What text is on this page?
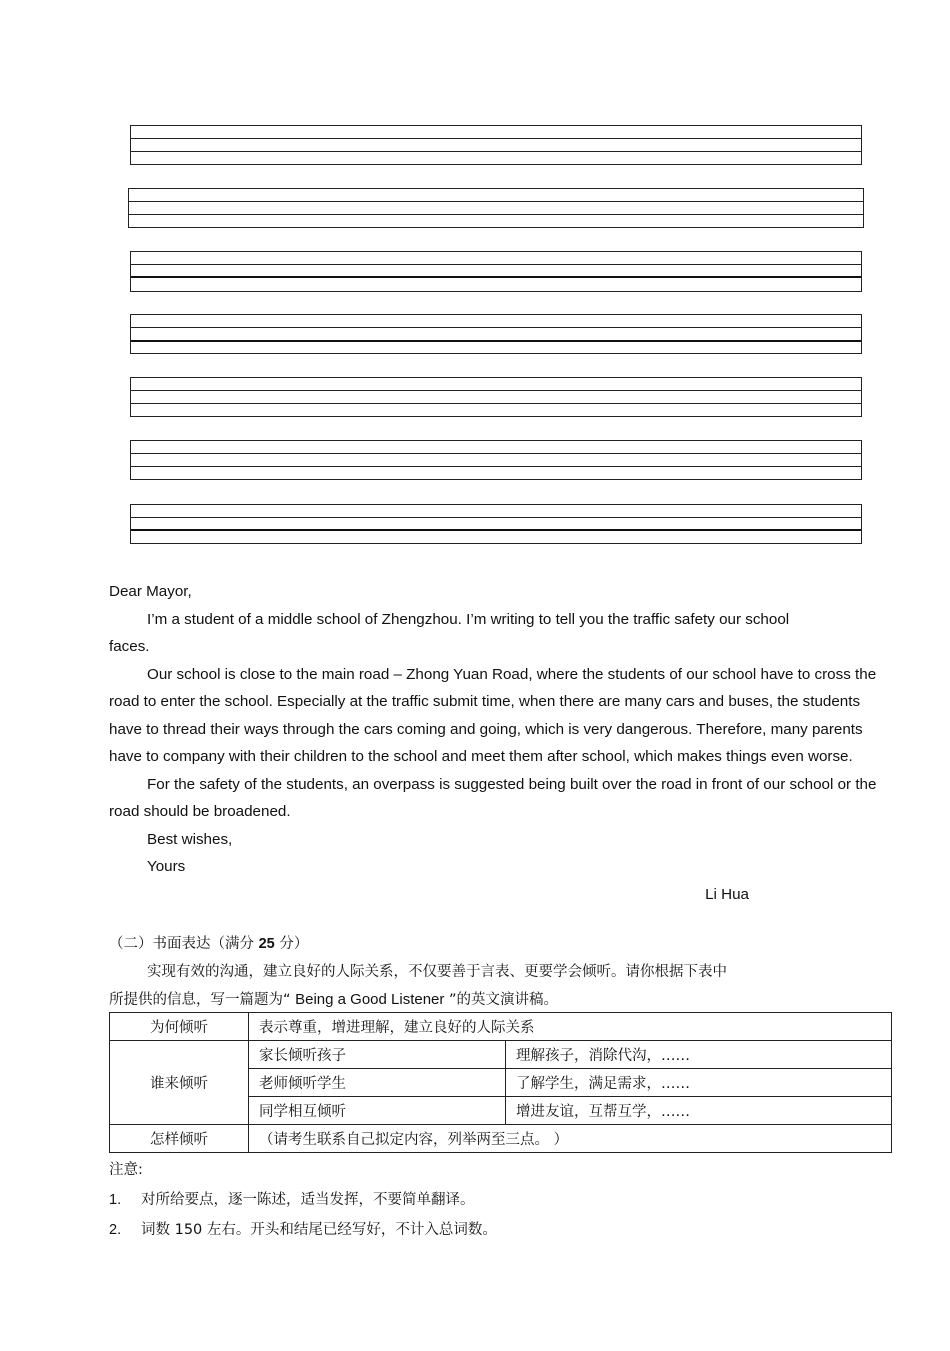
Dear Mayor,

I’m a student of a middle school of Zhengzhou. I’m writing to tell you the traffic safety our school

faces.

Our school is close to the main road – Zhong Yuan Road, where the students of our school have to cross the road to enter the school. Especially at the traffic submit time, when there are many cars and buses, the students have to thread their ways through the cars coming and going, which is very dangerous. Therefore, many parents have to company with their children to the school and meet them after school, which makes things even worse.

For the safety of the students, an overpass is suggested being built over the road in front of our school or the road should be broadened.

Best wishes,

Yours

Li Hua

（二）书面表达（满分 25 分）

实现有效的沟通，建立良好的人际关系，不仅要善于言表、更要学会倾听。请你根据下表中

所提供的信息，写一篇题为“ Being a Good Listener ”的英文演讲稿。

为何倾听	表示尊重，增进理解，建立良好的人际关系	
谁来倾听	家长倾听孩子	理解孩子，消除代沟，……
	老师倾听学生	了解学生，满足需求，……
	同学相互倾听	增进友谊，互帮互学，……
怎样倾听	（请考生联系自己拟定内容，列举两至三点。 ）	

注意:

1. 对所给要点，逐一陈述，适当发挥，不要简单翻译。

2. 词数 150 左右。开头和结尾已经写好，不计入总词数。
